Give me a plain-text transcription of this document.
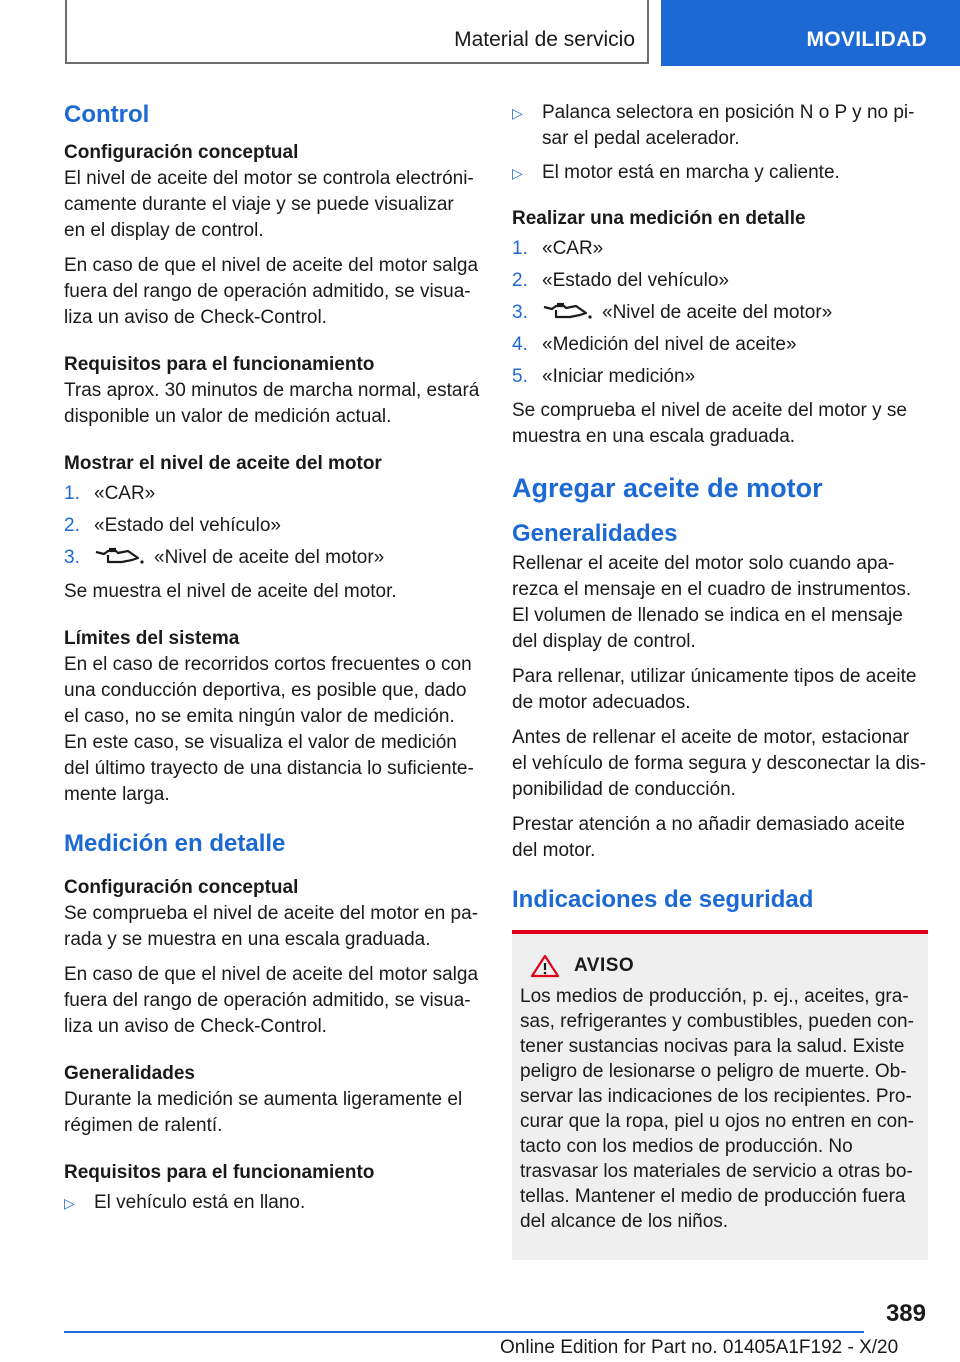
Material de servicio	MOVILIDAD
Control
Configuración conceptual
El nivel de aceite del motor se controla electróni-camente durante el viaje y se puede visualizar en el display de control.
En caso de que el nivel de aceite del motor salga fuera del rango de operación admitido, se visua-liza un aviso de Check-Control.
Requisitos para el funcionamiento
Tras aprox. 30 minutos de marcha normal, estará disponible un valor de medición actual.
Mostrar el nivel de aceite del motor
1. «CAR»
2. «Estado del vehículo»
3.	«Nivel de aceite del motor»
Se muestra el nivel de aceite del motor.
Límites del sistema
En el caso de recorridos cortos frecuentes o con una conducción deportiva, es posible que, dado el caso, no se emita ningún valor de medición.
En este caso, se visualiza el valor de medición del último trayecto de una distancia lo suficiente-mente larga.
Medición en detalle
Configuración conceptual
Se comprueba el nivel de aceite del motor en pa-rada y se muestra en una escala graduada.
En caso de que el nivel de aceite del motor salga fuera del rango de operación admitido, se visua-liza un aviso de Check-Control.
Generalidades
Durante la medición se aumenta ligeramente el régimen de ralentí.
Requisitos para el funcionamiento
▷	El vehículo está en llano.
▷	Palanca selectora en posición N o P y no pi-sar el pedal acelerador.
▷	El motor está en marcha y caliente.
Realizar una medición en detalle
1. «CAR»
2. «Estado del vehículo»
3.	«Nivel de aceite del motor»
4. «Medición del nivel de aceite»
5. «Iniciar medición»
Se comprueba el nivel de aceite del motor y se muestra en una escala graduada.
Agregar aceite de motor
Generalidades
Rellenar el aceite del motor solo cuando apa-rezca el mensaje en el cuadro de instrumentos. El volumen de llenado se indica en el mensaje del display de control.
Para rellenar, utilizar únicamente tipos de aceite de motor adecuados.
Antes de rellenar el aceite de motor, estacionar el vehículo de forma segura y desconectar la dis-ponibilidad de conducción.
Prestar atención a no añadir demasiado aceite del motor.
Indicaciones de seguridad
AVISO
Los medios de producción, p. ej., aceites, gra-sas, refrigerantes y combustibles, pueden con-tener sustancias nocivas para la salud. Existe peligro de lesionarse o peligro de muerte. Ob-servar las indicaciones de los recipientes. Pro-curar que la ropa, piel u ojos no entren en con-tacto con los medios de producción. No trasvasar los materiales de servicio a otras bo-tellas. Mantener el medio de producción fuera del alcance de los niños.
389
Online Edition for Part no. 01405A1F192 - X/20
